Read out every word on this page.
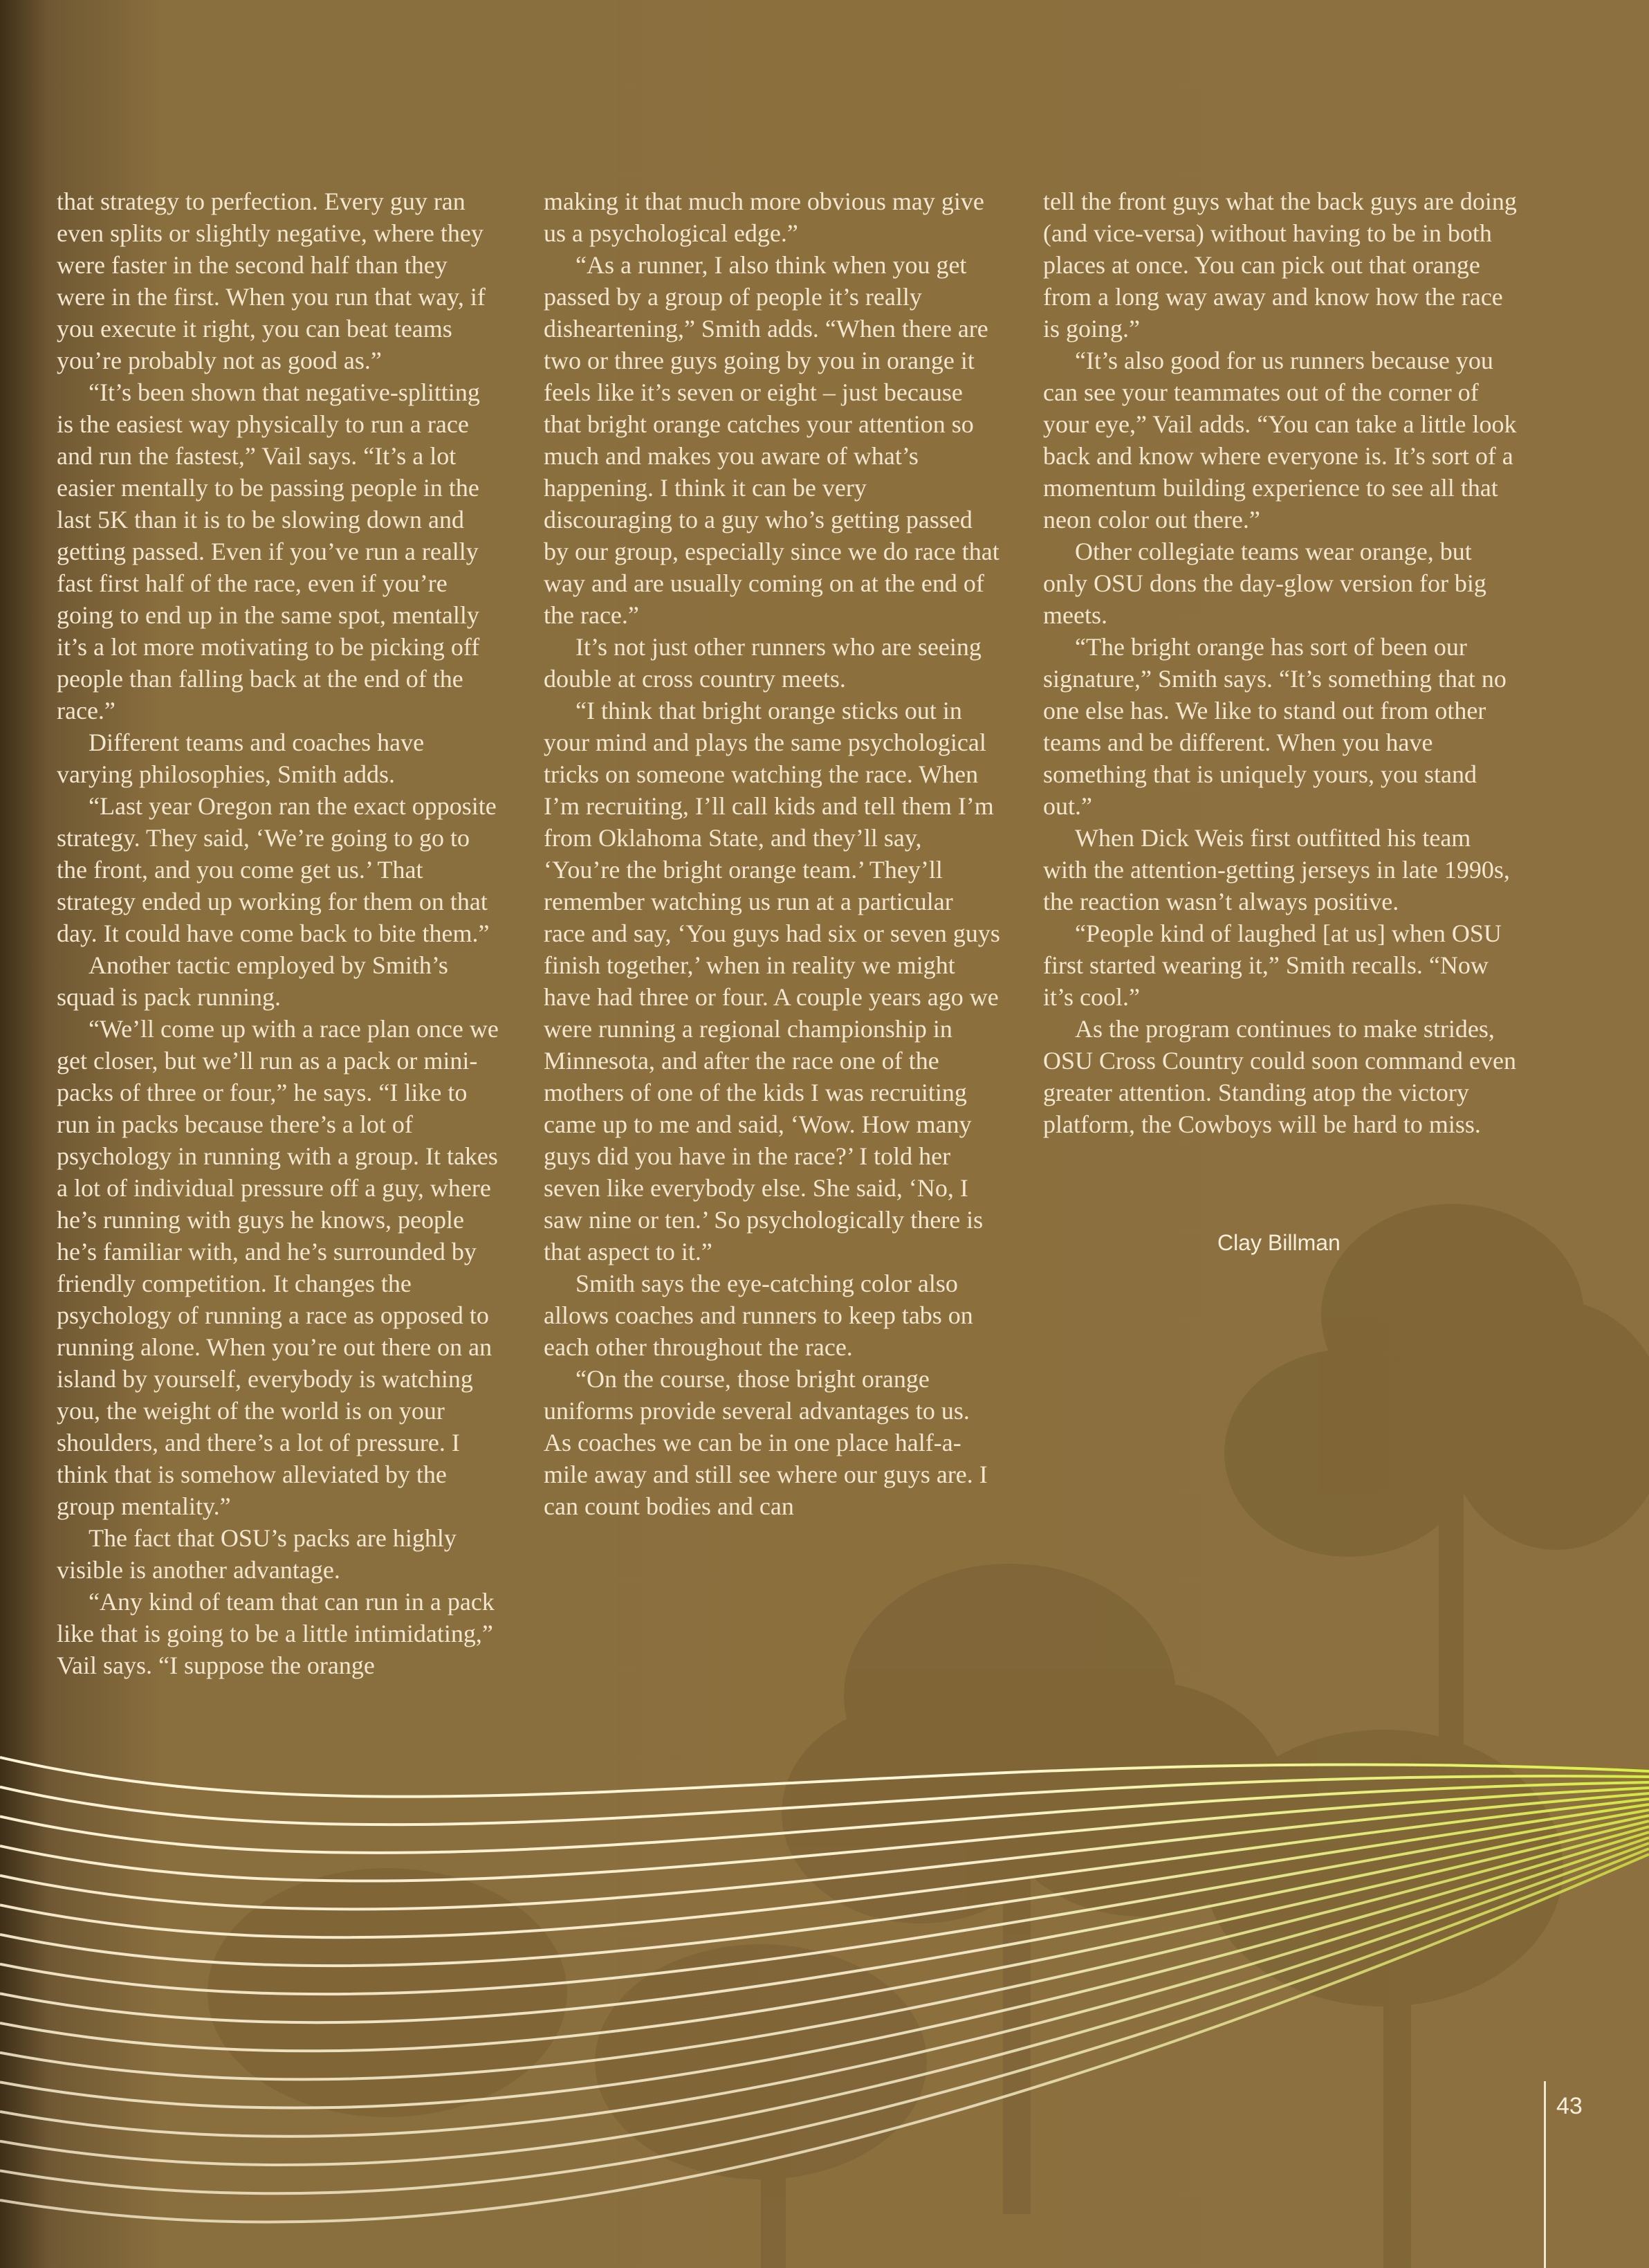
that strategy to perfection. Every guy ran even splits or slightly negative, where they were faster in the second half than they were in the first. When you run that way, if you execute it right, you can beat teams you’re probably not as good as.”

“It’s been shown that negative-splitting is the easiest way physically to run a race and run the fastest,” Vail says. “It’s a lot easier mentally to be passing people in the last 5K than it is to be slowing down and getting passed. Even if you’ve run a really fast first half of the race, even if you’re going to end up in the same spot, mentally it’s a lot more motivating to be picking off people than falling back at the end of the race.”

Different teams and coaches have varying philosophies, Smith adds.

“Last year Oregon ran the exact opposite strategy. They said, ‘We’re going to go to the front, and you come get us.’ That strategy ended up working for them on that day. It could have come back to bite them.”

Another tactic employed by Smith’s squad is pack running.

“We’ll come up with a race plan once we get closer, but we’ll run as a pack or mini-packs of three or four,” he says. “I like to run in packs because there’s a lot of psychology in running with a group. It takes a lot of individual pressure off a guy, where he’s running with guys he knows, people he’s familiar with, and he’s surrounded by friendly competition. It changes the psychology of running a race as opposed to running alone. When you’re out there on an island by yourself, everybody is watching you, the weight of the world is on your shoulders, and there’s a lot of pressure. I think that is somehow alleviated by the group mentality.”

The fact that OSU’s packs are highly visible is another advantage.

“Any kind of team that can run in a pack like that is going to be a little intimidating,” Vail says. “I suppose the orange

making it that much more obvious may give us a psychological edge.”

“As a runner, I also think when you get passed by a group of people it’s really disheartening,” Smith adds. “When there are two or three guys going by you in orange it feels like it’s seven or eight – just because that bright orange catches your attention so much and makes you aware of what’s happening. I think it can be very discouraging to a guy who’s getting passed by our group, especially since we do race that way and are usually coming on at the end of the race.”

It’s not just other runners who are seeing double at cross country meets.

“I think that bright orange sticks out in your mind and plays the same psychological tricks on someone watching the race. When I’m recruiting, I’ll call kids and tell them I’m from Oklahoma State, and they’ll say, ‘You’re the bright orange team.’ They’ll remember watching us run at a particular race and say, ‘You guys had six or seven guys finish together,’ when in reality we might have had three or four. A couple years ago we were running a regional championship in Minnesota, and after the race one of the mothers of one of the kids I was recruiting came up to me and said, ‘Wow. How many guys did you have in the race?’ I told her seven like everybody else. She said, ‘No, I saw nine or ten.’ So psychologically there is that aspect to it.”

Smith says the eye-catching color also allows coaches and runners to keep tabs on each other throughout the race.

“On the course, those bright orange uniforms provide several advantages to us. As coaches we can be in one place half-a-mile away and still see where our guys are. I can count bodies and can

tell the front guys what the back guys are doing (and vice-versa) without having to be in both places at once. You can pick out that orange from a long way away and know how the race is going.”

“It’s also good for us runners because you can see your teammates out of the corner of your eye,” Vail adds. “You can take a little look back and know where everyone is. It’s sort of a momentum building experience to see all that neon color out there.”

Other collegiate teams wear orange, but only OSU dons the day-glow version for big meets.

“The bright orange has sort of been our signature,” Smith says. “It’s something that no one else has. We like to stand out from other teams and be different. When you have something that is uniquely yours, you stand out.”

When Dick Weis first outfitted his team with the attention-getting jerseys in late 1990s, the reaction wasn’t always positive.

“People kind of laughed [at us] when OSU first started wearing it,” Smith recalls. “Now it’s cool.”

As the program continues to make strides, OSU Cross Country could soon command even greater attention. Standing atop the victory platform, the Cowboys will be hard to miss.

Clay Billman
43
